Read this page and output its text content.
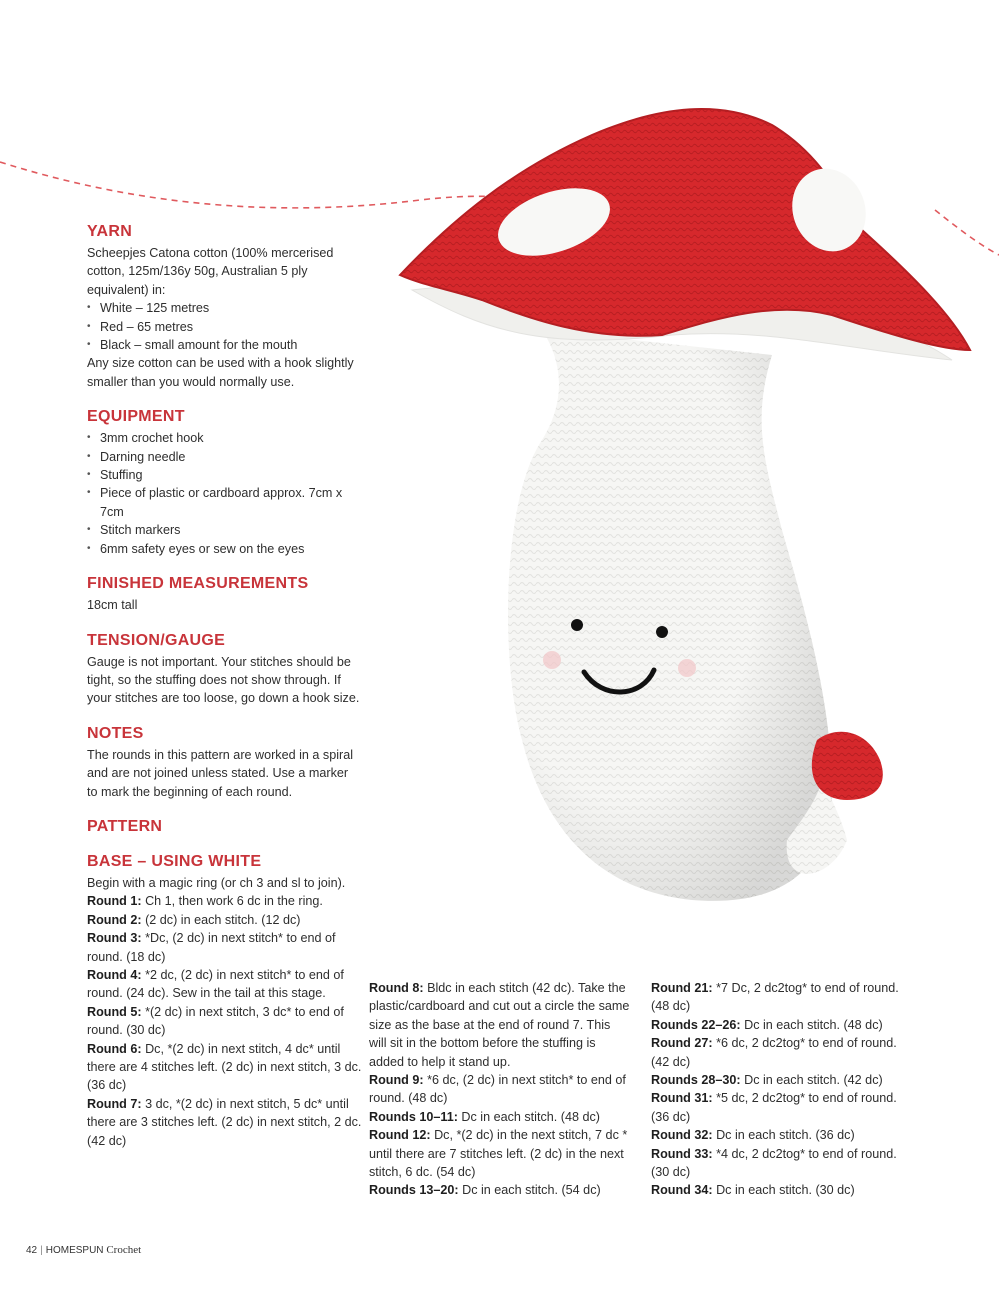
YARN

Scheepjes Catona cotton (100% mercerised cotton, 125m/136y 50g, Australian 5 ply equivalent) in:

• White – 125 metres
• Red – 65 metres
• Black – small amount for the mouth

Any size cotton can be used with a hook slightly smaller than you would normally use.

EQUIPMENT
• 3mm crochet hook
• Darning needle
• Stuffing
• Piece of plastic or cardboard approx. 7cm x 7cm
• Stitch markers
• 6mm safety eyes or sew on the eyes
FINISHED MEASUREMENTS

18cm tall

TENSION/GAUGE

Gauge is not important. Your stitches should be tight, so the stuffing does not show through. If your stitches are too loose, go down a hook size.

NOTES

The rounds in this pattern are worked in a spiral and are not joined unless stated. Use a marker to mark the beginning of each round.

PATTERN
BASE – USING WHITE

Begin with a magic ring (or ch 3 and sl to join).

Round 1: Ch 1, then work 6 dc in the ring.

Round 2: (2 dc) in each stitch. (12 dc)

Round 3: *Dc, (2 dc) in next stitch* to end of round. (18 dc)

Round 4: *2 dc, (2 dc) in next stitch* to end of round. (24 dc). Sew in the tail at this stage.

Round 5: *(2 dc) in next stitch, 3 dc* to end of round. (30 dc)

Round 6: Dc, *(2 dc) in next stitch, 4 dc* until there are 4 stitches left. (2 dc) in next stitch, 3 dc. (36 dc)

Round 7: 3 dc, *(2 dc) in next stitch, 5 dc* until there are 3 stitches left. (2 dc) in next stitch, 2 dc. (42 dc)

Round 8: Bldc in each stitch (42 dc). Take the plastic/cardboard and cut out a circle the same size as the base at the end of round 7. This will sit in the bottom before the stuffing is added to help it stand up.

Round 9: *6 dc, (2 dc) in next stitch* to end of round. (48 dc)

Rounds 10–11: Dc in each stitch. (48 dc)

Round 12: Dc, *(2 dc) in the next stitch, 7 dc * until there are 7 stitches left. (2 dc) in the next stitch, 6 dc. (54 dc)

Rounds 13–20: Dc in each stitch. (54 dc)

Round 21: *7 Dc, 2 dc2tog* to end of round. (48 dc)

Rounds 22–26: Dc in each stitch. (48 dc)

Round 27: *6 dc, 2 dc2tog* to end of round. (42 dc)

Rounds 28–30: Dc in each stitch. (42 dc)

Round 31: *5 dc, 2 dc2tog* to end of round. (36 dc)

Round 32: Dc in each stitch. (36 dc)

Round 33: *4 dc, 2 dc2tog* to end of round. (30 dc)

Round 34: Dc in each stitch. (30 dc)

42 | HOMESPUN Crochet
